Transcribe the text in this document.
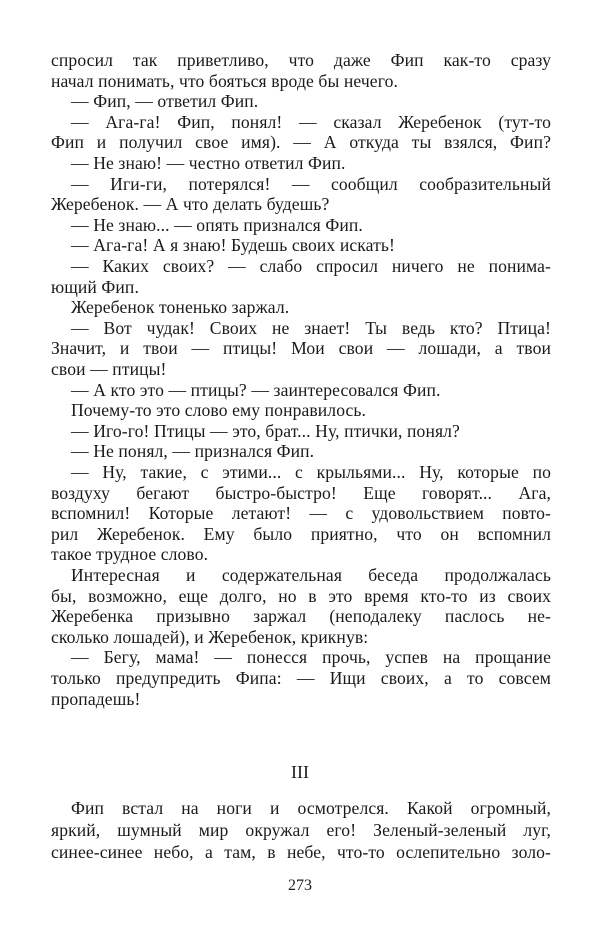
спросил так приветливо, что даже Фип как-то сразу
начал понимать, что бояться вроде бы нечего.
— Фип, — ответил Фип.
— Ага-га! Фип, понял! — сказал Жеребенок (тут-то
Фип и получил свое имя). — А откуда ты взялся, Фип?
— Не знаю! — честно ответил Фип.
— Иги-ги, потерялся! — сообщил сообразительный
Жеребенок. — А что делать будешь?
— Не знаю... — опять признался Фип.
— Ага-га! А я знаю! Будешь своих искать!
— Каких своих? — слабо спросил ничего не понима-
ющий Фип.
Жеребенок тоненько заржал.
— Вот чудак! Своих не знает! Ты ведь кто? Птица!
Значит, и твои — птицы! Мои свои — лошади, а твои
свои — птицы!
— А кто это — птицы? — заинтересовался Фип.
Почему-то это слово ему понравилось.
— Иго-го! Птицы — это, брат... Ну, птички, понял?
— Не понял, — признался Фип.
— Ну, такие, с этими... с крыльями... Ну, которые по
воздуху бегают быстро-быстро! Еще говорят... Ага,
вспомнил! Которые летают! — с удовольствием повто-
рил Жеребенок. Ему было приятно, что он вспомнил
такое трудное слово.
Интересная и содержательная беседа продолжалась
бы, возможно, еще долго, но в это время кто-то из своих
Жеребенка призывно заржал (неподалеку паслось не-
сколько лошадей), и Жеребенок, крикнув:
— Бегу, мама! — понесся прочь, успев на прощание
только предупредить Фипа: — Ищи своих, а то совсем
пропадешь!
III
Фип встал на ноги и осмотрелся. Какой огромный,
яркий, шумный мир окружал его! Зеленый-зеленый луг,
синее-синее небо, а там, в небе, что-то ослепительно золо-
273
